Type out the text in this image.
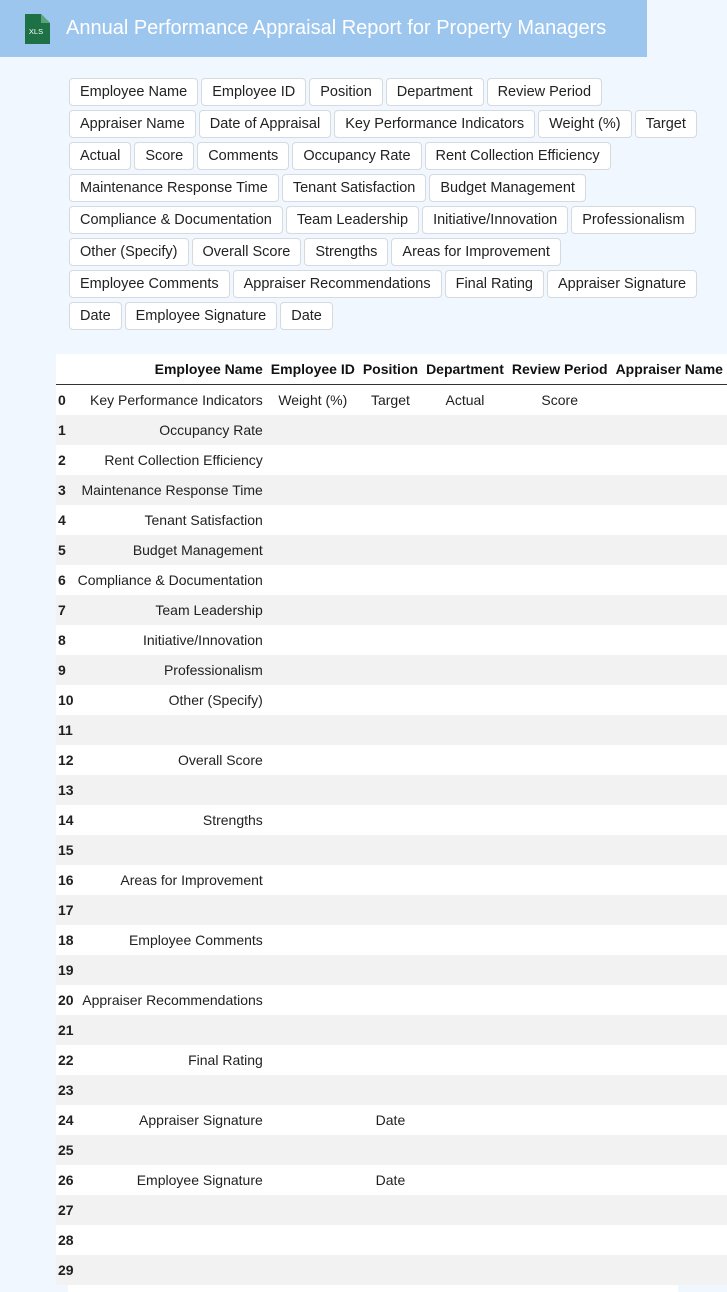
XLS Annual Performance Appraisal Report for Property Managers
Employee Name	Employee ID	Position	Department	Review Period
Appraiser Name	Date of Appraisal	Key Performance Indicators	Weight (%)	Target
Actual	Score	Comments	Occupancy Rate	Rent Collection Efficiency
Maintenance Response Time	Tenant Satisfaction	Budget Management
Compliance & Documentation	Team Leadership	Initiative/Innovation	Professionalism
Other (Specify)	Overall Score	Strengths	Areas for Improvement
Employee Comments	Appraiser Recommendations	Final Rating	Appraiser Signature
Date	Employee Signature	Date
	Employee Name	Employee ID	Position	Department	Review Period	Appraiser Name
0	Key Performance Indicators	Weight (%)	Target	Actual	Score	
1	Occupancy Rate					
2	Rent Collection Efficiency					
3	Maintenance Response Time					
4	Tenant Satisfaction					
5	Budget Management					
6	Compliance & Documentation					
7	Team Leadership					
8	Initiative/Innovation					
9	Professionalism					
10	Other (Specify)					
11						
12	Overall Score					
13						
14	Strengths					
15						
16	Areas for Improvement					
17						
18	Employee Comments					
19						
20	Appraiser Recommendations					
21						
22	Final Rating					
23						
24	Appraiser Signature		Date			
25						
26	Employee Signature		Date			
27						
28						
29						
